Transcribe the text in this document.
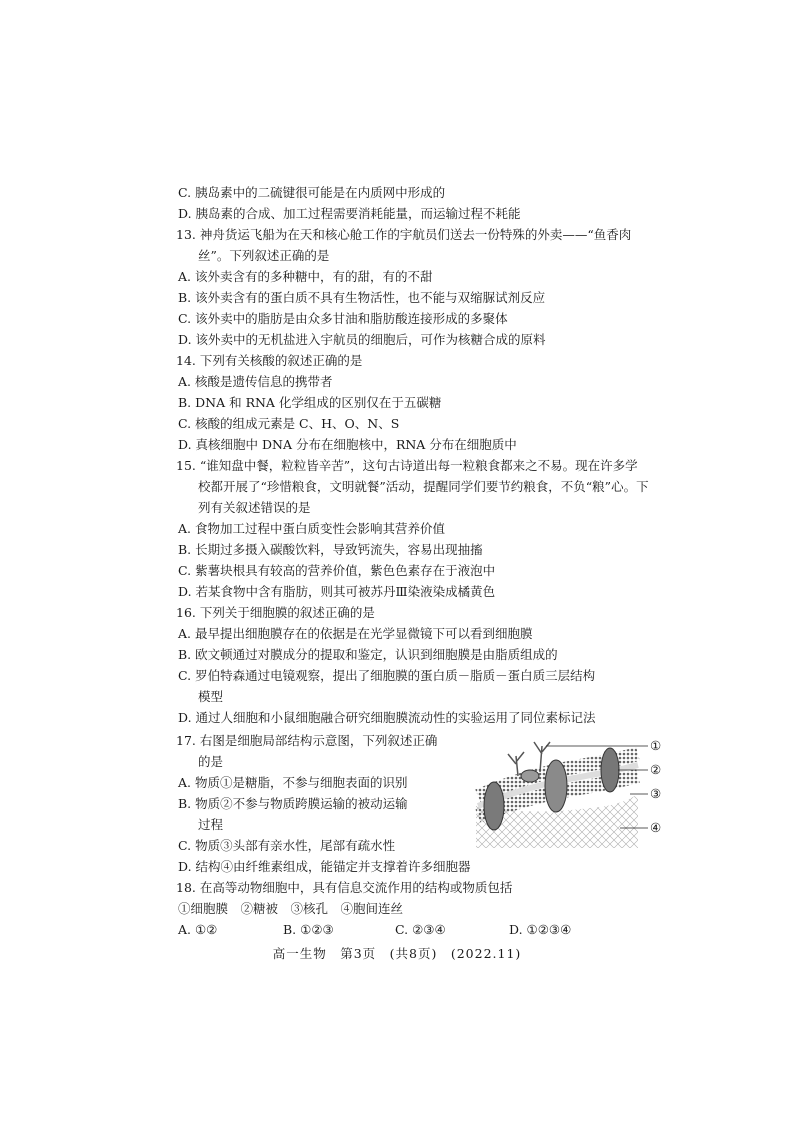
C. 胰岛素中的二硫键很可能是在内质网中形成的
D. 胰岛素的合成、加工过程需要消耗能量，而运输过程不耗能
13. 神舟货运飞船为在天和核心舱工作的宇航员们送去一份特殊的外卖——“鱼香肉
丝”。下列叙述正确的是
A. 该外卖含有的多种糖中，有的甜，有的不甜
B. 该外卖含有的蛋白质不具有生物活性，也不能与双缩脲试剂反应
C. 该外卖中的脂肪是由众多甘油和脂肪酸连接形成的多聚体
D. 该外卖中的无机盐进入宇航员的细胞后，可作为核糖合成的原料
14. 下列有关核酸的叙述正确的是
A. 核酸是遗传信息的携带者
B. DNA 和 RNA 化学组成的区别仅在于五碳糖
C. 核酸的组成元素是 C、H、O、N、S
D. 真核细胞中 DNA 分布在细胞核中，RNA 分布在细胞质中
15. “谁知盘中餐，粒粒皆辛苦”，这句古诗道出每一粒粮食都来之不易。现在许多学
校都开展了“珍惜粮食，文明就餐”活动，提醒同学们要节约粮食，不负“粮”心。下
列有关叙述错误的是
A. 食物加工过程中蛋白质变性会影响其营养价值
B. 长期过多摄入碳酸饮料，导致钙流失，容易出现抽搐
C. 紫薯块根具有较高的营养价值，紫色色素存在于液泡中
D. 若某食物中含有脂肪，则其可被苏丹Ⅲ染液染成橘黄色
16. 下列关于细胞膜的叙述正确的是
A. 最早提出细胞膜存在的依据是在光学显微镜下可以看到细胞膜
B. 欧文顿通过对膜成分的提取和鉴定，认识到细胞膜是由脂质组成的
C. 罗伯特森通过电镜观察，提出了细胞膜的蛋白质－脂质－蛋白质三层结构
模型
D. 通过人细胞和小鼠细胞融合研究细胞膜流动性的实验运用了同位素标记法
17. 右图是细胞局部结构示意图，下列叙述正确
的是
A. 物质①是糖脂，不参与细胞表面的识别
B. 物质②不参与物质跨膜运输的被动运输
过程
C. 物质③头部有亲水性，尾部有疏水性
D. 结构④由纤维素组成，能锚定并支撑着许多细胞器
18. 在高等动物细胞中，具有信息交流作用的结构或物质包括
①细胞膜　②糖被　③核孔　④胞间连丝
A. ①②	B. ①②③	C. ②③④	D. ①②③④
①
②
③
④
高一生物　第3页　(共8页)　(2022.11)
